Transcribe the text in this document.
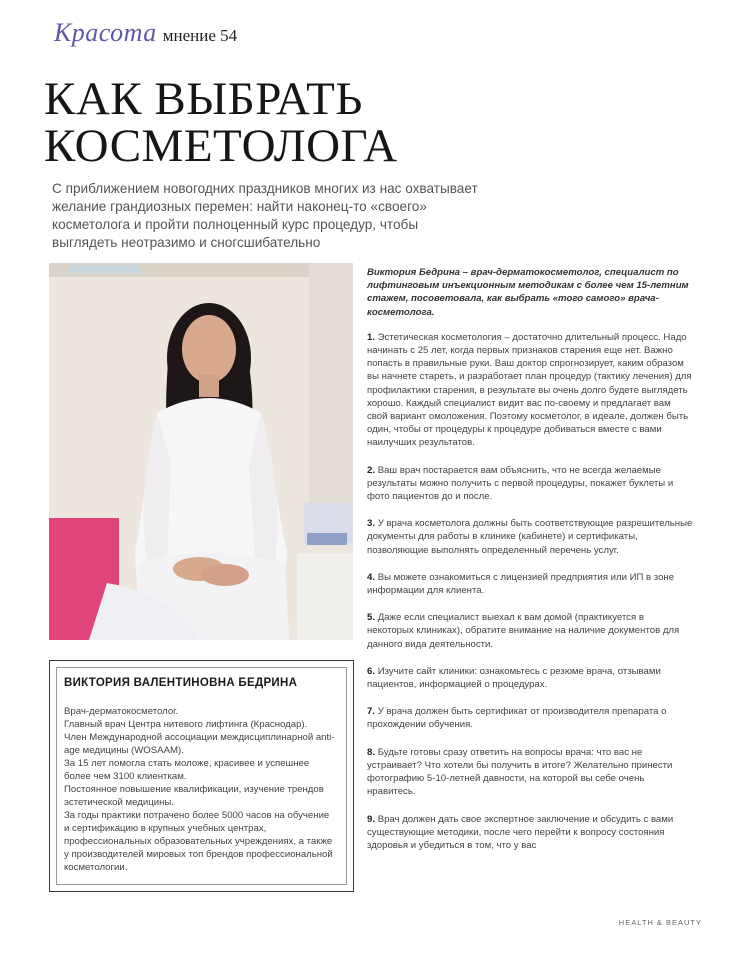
Красота мнение 54
КАК ВЫБРАТЬ
КОСМЕТОЛОГА

С приближением новогодних праздников многих из нас охватывает желание грандиозных перемен: найти наконец-то «своего» косметолога и пройти полноценный курс процедур, чтобы выглядеть неотразимо и сногсшибательно

ВИКТОРИЯ ВАЛЕНТИНОВНА БЕДРИНА

Врач-дерматокосметолог.

Главный врач Центра нитевого лифтинга (Краснодар).

Член Международной ассоциации междисциплинарной anti-age медицины (WOSAAM).

За 15 лет помогла стать моложе, красивее и успешнее более чем 3100 клиенткам.

Постоянное повышение квалификации, изучение трендов эстетической медицины.

За годы практики потрачено более 5000 часов на обучение и сертификацию в крупных учебных центрах, профессиональных образовательных учреждениях, а также у производителей мировых топ брендов профессиональной косметологии.

Виктория Бедрина – врач-дерматокосметолог, специалист по лифтинговым инъекционным методикам с более чем 15-летним стажем, посоветовала, как выбрать «того самого» врача-косметолога.

1. Эстетическая косметология – достаточно длительный процесс. Надо начинать с 25 лет, когда первых признаков старения еще нет. Важно попасть в правильные руки. Ваш доктор спрогнозирует, каким образом вы начнете стареть, и разработает план процедур (тактику лечения) для профилактики старения, в результате вы очень долго будете выглядеть хорошо. Каждый специалист видит вас по-своему и предлагает вам свой вариант омоложения. Поэтому косметолог, в идеале, должен быть один, чтобы от процедуры к процедуре добиваться вместе с вами наилучших результатов.

2. Ваш врач постарается вам объяснить, что не всегда желаемые результаты можно получить с первой процедуры, покажет буклеты и фото пациентов до и после.

3. У врача косметолога должны быть соответствующие разрешительные документы для работы в клинике (кабинете) и сертификаты, позволяющие выполнять определенный перечень услуг.

4. Вы можете ознакомиться с лицензией предприятия или ИП в зоне информации для клиента.

5. Даже если специалист выехал к вам домой (практикуется в некоторых клиниках), обратите внимание на наличие документов для данного вида деятельности.

6. Изучите сайт клиники: ознакомьтесь с резюме врача, отзывами пациентов, информацией о процедурах.

7. У врача должен быть сертификат от производителя препарата о прохождении обучения.

8. Будьте готовы сразу ответить на вопросы врача: что вас не устраивает? Что хотели бы получить в итоге? Желательно принести фотографию 5-10-летней давности, на которой вы себе очень нравитесь.

9. Врач должен дать свое экспертное заключение и обсудить с вами существующие методики, после чего перейти к вопросу состояния здоровья и убедиться в том, что у вас

HEALTH & BEAUTY
